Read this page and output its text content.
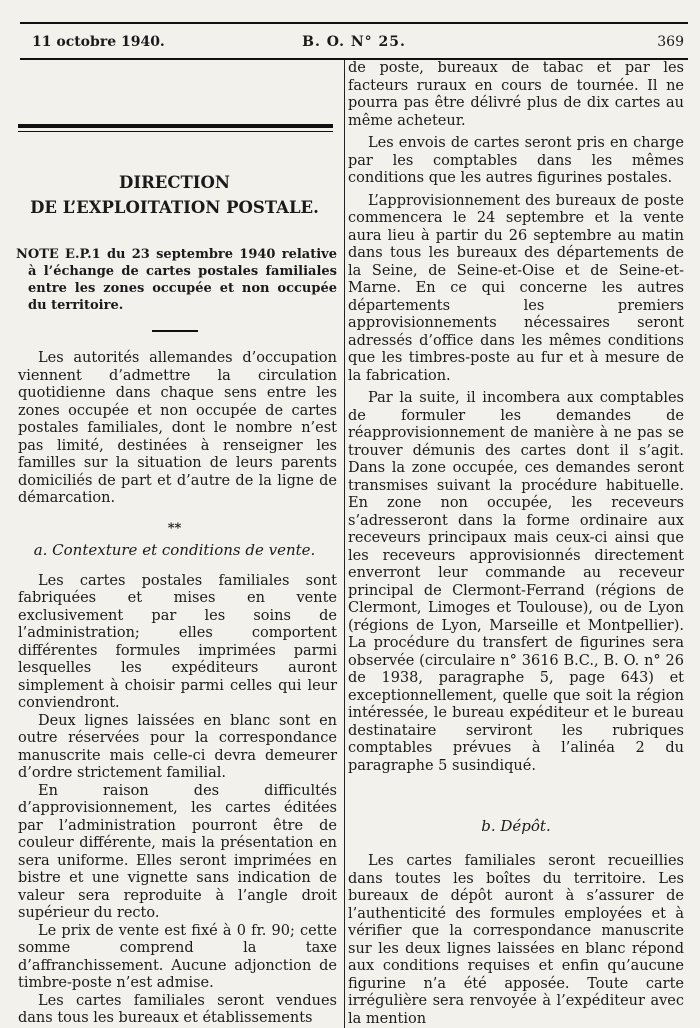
11 octobre 1940.	B. O. N° 25.	369
DIRECTION
DE L’EXPLOITATION POSTALE.
NOTE E.P.1 du 23 septembre 1940 relative à l’échange de cartes postales familiales entre les zones occupée et non occupée du territoire.

Les autorités allemandes d’occupation viennent d’admettre la circulation quotidienne dans chaque sens entre les zones occupée et non occupée de cartes postales familiales, dont le nombre n’est pas limité, destinées à renseigner les familles sur la situation de leurs parents domiciliés de part et d’autre de la ligne de démarcation.

**
a. Contexture et conditions de vente.

Les cartes postales familiales sont fabriquées et mises en vente exclusivement par les soins de l’administration; elles comportent différentes formules imprimées parmi lesquelles les expéditeurs auront simplement à choisir parmi celles qui leur conviendront.

Deux lignes laissées en blanc sont en outre réservées pour la correspondance manuscrite mais celle-ci devra demeurer d’ordre strictement familial.

En raison des difficultés d’approvisionnement, les cartes éditées par l’administration pourront être de couleur différente, mais la présentation en sera uniforme. Elles seront imprimées en bistre et une vignette sans indication de valeur sera reproduite à l’angle droit supérieur du recto.

Le prix de vente est fixé à 0 fr. 90; cette somme comprend la taxe d’affranchissement. Aucune adjonction de timbre-poste n’est admise.

Les cartes familiales seront vendues dans tous les bureaux et établissements

de poste, bureaux de tabac et par les facteurs ruraux en cours de tournée. Il ne pourra pas être délivré plus de dix cartes au même acheteur.

Les envois de cartes seront pris en charge par les comptables dans les mêmes conditions que les autres figurines postales.

L’approvisionnement des bureaux de poste commencera le 24 septembre et la vente aura lieu à partir du 26 septembre au matin dans tous les bureaux des départements de la Seine, de Seine-et-Oise et de Seine-et-Marne. En ce qui concerne les autres départements les premiers approvisionnements nécessaires seront adressés d’office dans les mêmes conditions que les timbres-poste au fur et à mesure de la fabrication.

Par la suite, il incombera aux comptables de formuler les demandes de réapprovisionnement de manière à ne pas se trouver démunis des cartes dont il s’agit. Dans la zone occupée, ces demandes seront transmises suivant la procédure habituelle. En zone non occupée, les receveurs s’adresseront dans la forme ordinaire aux receveurs principaux mais ceux-ci ainsi que les receveurs approvisionnés directement enverront leur commande au receveur principal de Clermont-Ferrand (régions de Clermont, Limoges et Toulouse), ou de Lyon (régions de Lyon, Marseille et Montpellier). La procédure du transfert de figurines sera observée (circulaire n° 3616 B.C., B. O. n° 26 de 1938, paragraphe 5, page 643) et exceptionnellement, quelle que soit la région intéressée, le bureau expéditeur et le bureau destinataire serviront les rubriques comptables prévues à l’alinéa 2 du paragraphe 5 susindiqué.

b. Dépôt.

Les cartes familiales seront recueillies dans toutes les boîtes du territoire. Les bureaux de dépôt auront à s’assurer de l’authenticité des formules employées et à vérifier que la correspondance manuscrite sur les deux lignes laissées en blanc répond aux conditions requises et enfin qu’aucune figurine n’a été apposée. Toute carte irrégulière sera renvoyée à l’expéditeur avec la mention
